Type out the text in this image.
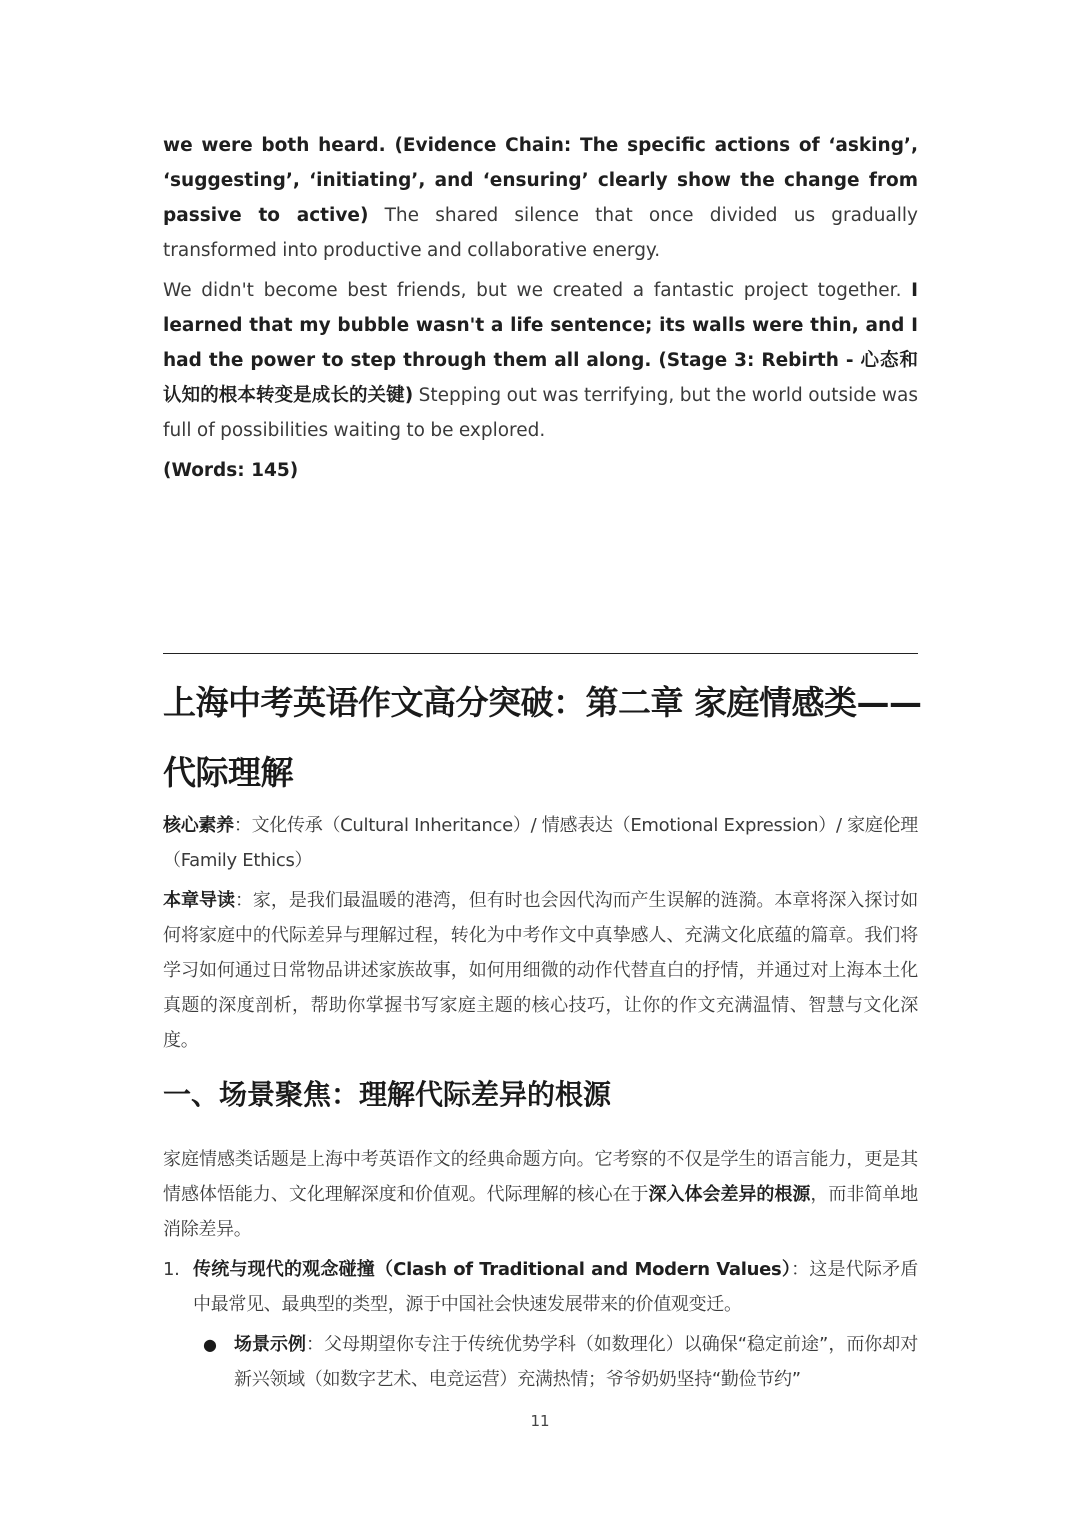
we were both heard. (Evidence Chain: The specific actions of ‘asking’, ‘suggesting’, ‘initiating’, and ‘ensuring’ clearly show the change from passive to active) The shared silence that once divided us gradually transformed into productive and collaborative energy.

We didn't become best friends, but we created a fantastic project together. I learned that my bubble wasn't a life sentence; its walls were thin, and I had the power to step through them all along. (Stage 3: Rebirth - 心态和认知的根本转变是成长的关键) Stepping out was terrifying, but the world outside was full of possibilities waiting to be explored.

(Words: 145)

上海中考英语作文高分突破：第二章 家庭情感类——
代际理解

核心素养：文化传承（Cultural Inheritance）/ 情感表达（Emotional Expression）/ 家庭伦理（Family Ethics）

本章导读：家，是我们最温暖的港湾，但有时也会因代沟而产生误解的涟漪。本章将深入探讨如何将家庭中的代际差异与理解过程，转化为中考作文中真挚感人、充满文化底蕴的篇章。我们将学习如何通过日常物品讲述家族故事，如何用细微的动作代替直白的抒情，并通过对上海本土化真题的深度剖析，帮助你掌握书写家庭主题的核心技巧，让你的作文充满温情、智慧与文化深度。

一、场景聚焦：理解代际差异的根源

家庭情感类话题是上海中考英语作文的经典命题方向。它考察的不仅是学生的语言能力，更是其情感体悟能力、文化理解深度和价值观。代际理解的核心在于深入体会差异的根源，而非简单地消除差异。

1. 传统与现代的观念碰撞（Clash of Traditional and Modern Values）：这是代际矛盾中最常见、最典型的类型，源于中国社会快速发展带来的价值观变迁。
● 场景示例：父母期望你专注于传统优势学科（如数理化）以确保“稳定前途”，而你却对新兴领域（如数字艺术、电竞运营）充满热情；爷爷奶奶坚持“勤俭节约”
11
